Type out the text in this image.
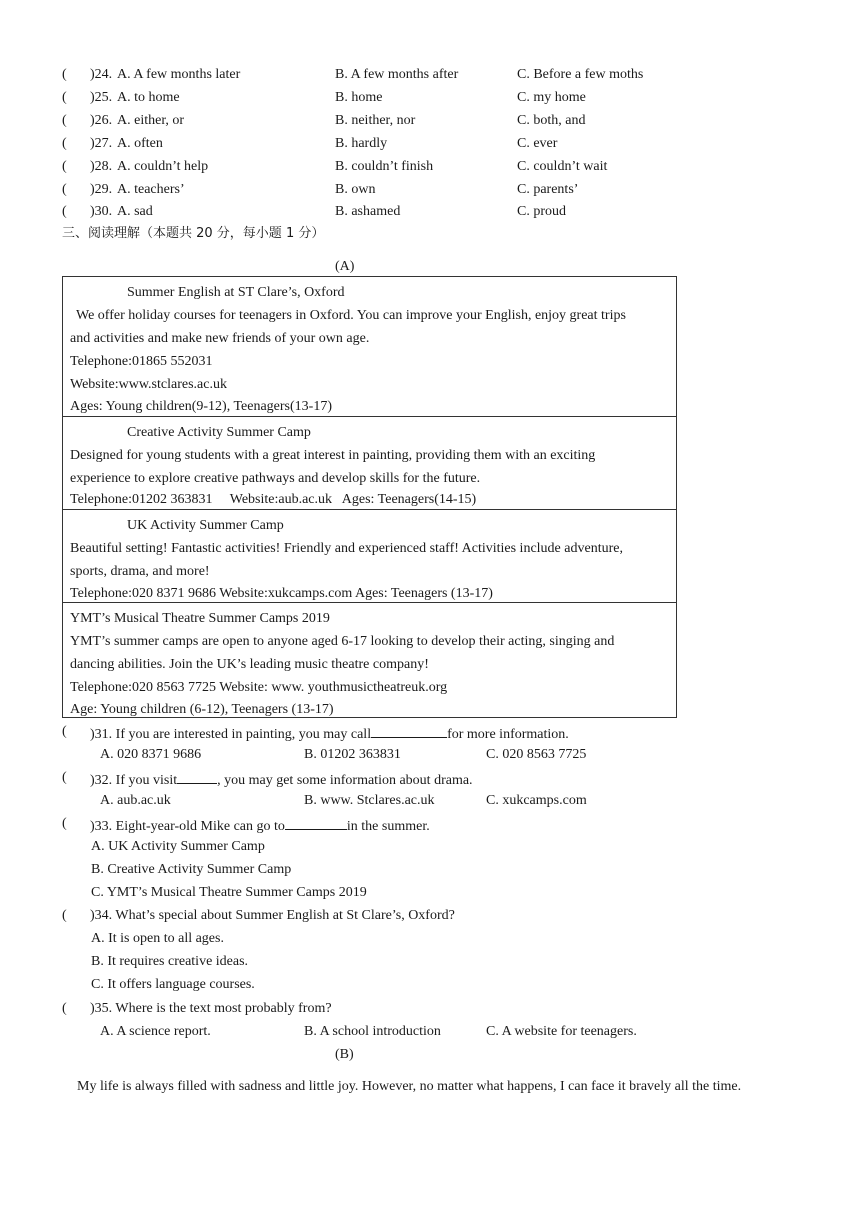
( )24. A. A few months later	B. A few months after	C. Before a few moths
( )25. A. to home	B. home	C. my home
( )26. A. either, or	B. neither, nor	C. both, and
( )27. A. often	B. hardly	C. ever
( )28. A. couldn’t help	B. couldn’t finish	C. couldn’t wait
( )29. A. teachers’	B. own	C. parents’
( )30. A. sad	B. ashamed	C. proud
三、阅读理解（本题共 20 分，每小题 1 分）
(A)
Summer English at ST Clare’s, Oxford
We offer holiday courses for teenagers in Oxford. You can improve your English, enjoy great trips
and activities and make new friends of your own age.
Telephone:01865 552031
Website:www.stclares.ac.uk
Ages: Young children(9-12), Teenagers(13-17)
Creative Activity Summer Camp
Designed for young students with a great interest in painting, providing them with an exciting
experience to explore creative pathways and develop skills for the future.
Telephone:01202 363831     Website:aub.ac.uk   Ages: Teenagers(14-15)
UK Activity Summer Camp
Beautiful setting! Fantastic activities! Friendly and experienced staff! Activities include adventure,
sports, drama, and more!
Telephone:020 8371 9686 Website:xukcamps.com Ages: Teenagers (13-17)
YMT’s Musical Theatre Summer Camps 2019
YMT’s summer camps are open to anyone aged 6-17 looking to develop their acting, singing and
dancing abilities. Join the UK’s leading music theatre company!
Telephone:020 8563 7725 Website: www. youthmusictheatreuk.org
Age: Young children (6-12), Teenagers (13-17)
( )31. If you are interested in painting, you may call	for more information.
A. 020 8371 9686	B. 01202 363831	C. 020 8563 7725
( )32. If you visit	, you may get some information about drama.
A. aub.ac.uk	B. www. Stclares.ac.uk	C. xukcamps.com
( )33. Eight-year-old Mike can go to	in the summer.
A. UK Activity Summer Camp
B. Creative Activity Summer Camp
C. YMT’s Musical Theatre Summer Camps 2019
( )34. What’s special about Summer English at St Clare’s, Oxford?
A. It is open to all ages.
B. It requires creative ideas.
C. It offers language courses.
( )35. Where is the text most probably from?
A. A science report.	B. A school introduction	C. A website for teenagers.
(B)
My life is always filled with sadness and little joy. However, no matter what happens, I can face it bravely all the time.
